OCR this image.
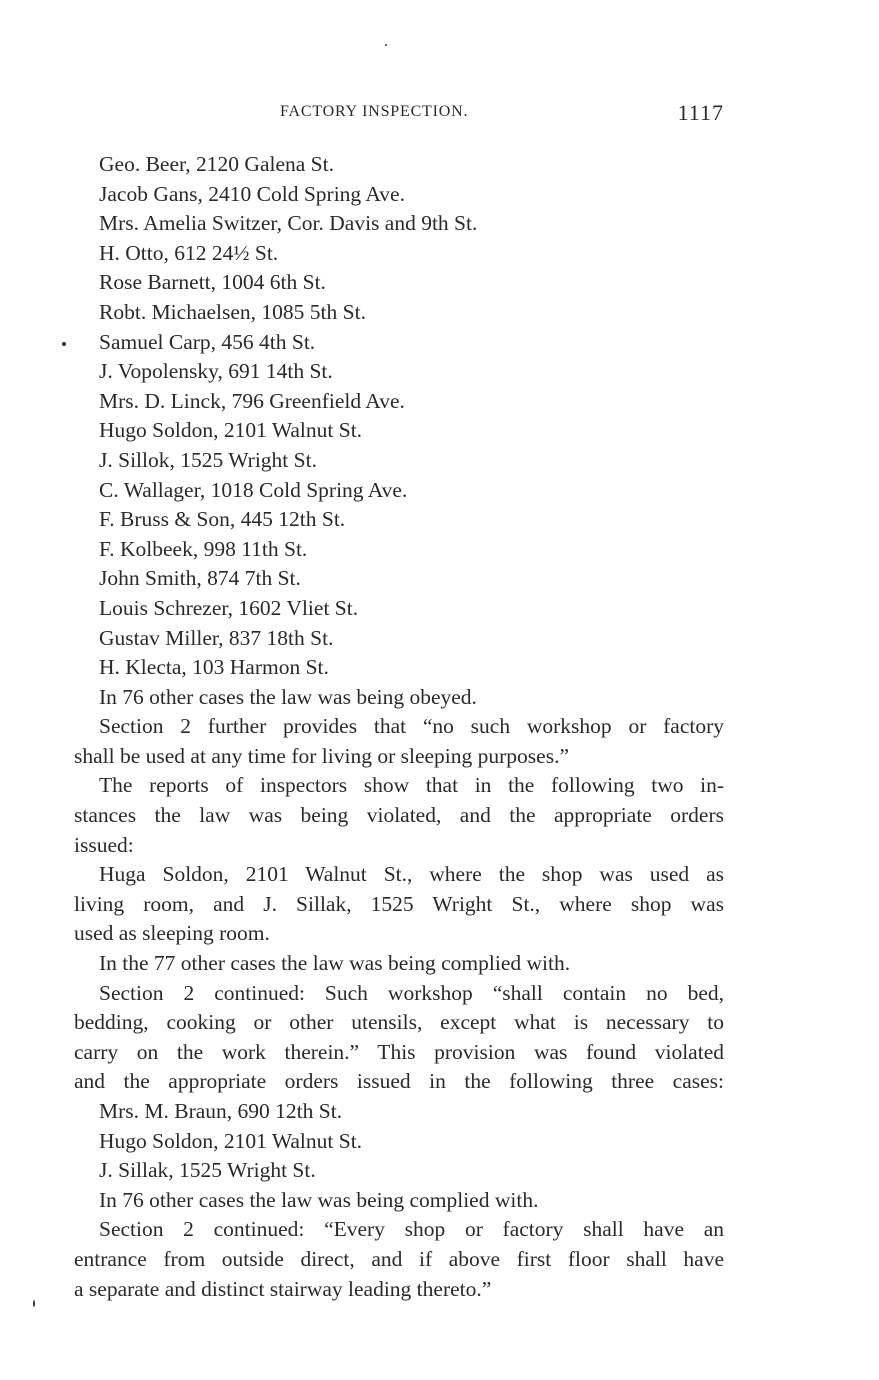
FACTORY INSPECTION.	1117
Geo. Beer, 2120 Galena St.
Jacob Gans, 2410 Cold Spring Ave.
Mrs. Amelia Switzer, Cor. Davis and 9th St.
H. Otto, 612 24½ St.
Rose Barnett, 1004 6th St.
Robt. Michaelsen, 1085 5th St.
Samuel Carp, 456 4th St.
J. Vopolensky, 691 14th St.
Mrs. D. Linck, 796 Greenfield Ave.
Hugo Soldon, 2101 Walnut St.
J. Sillok, 1525 Wright St.
C. Wallager, 1018 Cold Spring Ave.
F. Bruss & Son, 445 12th St.
F. Kolbeek, 998 11th St.
John Smith, 874 7th St.
Louis Schrezer, 1602 Vliet St.
Gustav Miller, 837 18th St.
H. Klecta, 103 Harmon St.
In 76 other cases the law was being obeyed.
Section 2 further provides that “no such workshop or factory
shall be used at any time for living or sleeping purposes.”
The reports of inspectors show that in the following two in-
stances the law was being violated, and the appropriate orders
issued:
Huga Soldon, 2101 Walnut St., where the shop was used as
living room, and J. Sillak, 1525 Wright St., where shop was
used as sleeping room.
In the 77 other cases the law was being complied with.
Section 2 continued: Such workshop “shall contain no bed,
bedding, cooking or other utensils, except what is necessary to
carry on the work therein.” This provision was found violated
and the appropriate orders issued in the following three cases:
Mrs. M. Braun, 690 12th St.
Hugo Soldon, 2101 Walnut St.
J. Sillak, 1525 Wright St.
In 76 other cases the law was being complied with.
Section 2 continued: “Every shop or factory shall have an
entrance from outside direct, and if above first floor shall have
a separate and distinct stairway leading thereto.”
